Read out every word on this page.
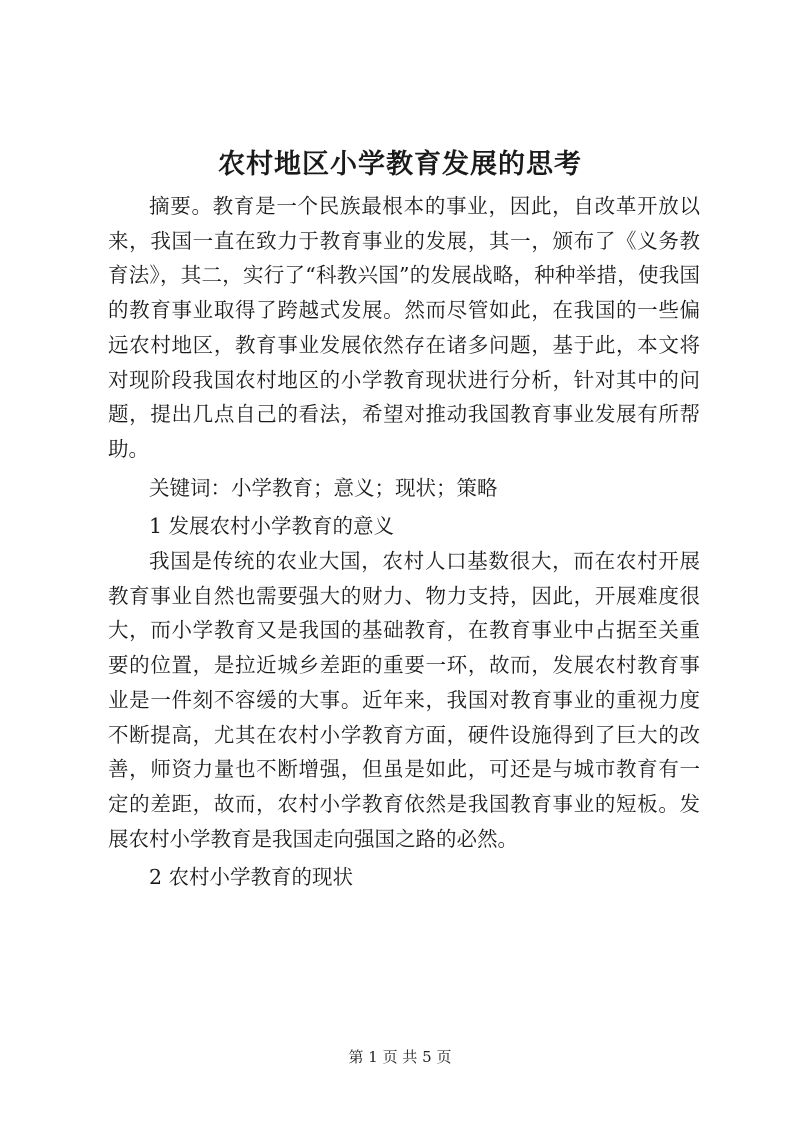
农村地区小学教育发展的思考

摘要。教育是一个民族最根本的事业，因此，自改革开放以来，我国一直在致力于教育事业的发展，其一，颁布了《义务教育法》，其二，实行了“科教兴国”的发展战略，种种举措，使我国的教育事业取得了跨越式发展。然而尽管如此，在我国的一些偏远农村地区，教育事业发展依然存在诸多问题，基于此，本文将对现阶段我国农村地区的小学教育现状进行分析，针对其中的问题，提出几点自己的看法，希望对推动我国教育事业发展有所帮助。

关键词：小学教育；意义；现状；策略

1 发展农村小学教育的意义

我国是传统的农业大国，农村人口基数很大，而在农村开展教育事业自然也需要强大的财力、物力支持，因此，开展难度很大，而小学教育又是我国的基础教育，在教育事业中占据至关重要的位置，是拉近城乡差距的重要一环，故而，发展农村教育事业是一件刻不容缓的大事。近年来，我国对教育事业的重视力度不断提高，尤其在农村小学教育方面，硬件设施得到了巨大的改善，师资力量也不断增强，但虽是如此，可还是与城市教育有一定的差距，故而，农村小学教育依然是我国教育事业的短板。发展农村小学教育是我国走向强国之路的必然。

2 农村小学教育的现状

第 1 页 共 5 页
